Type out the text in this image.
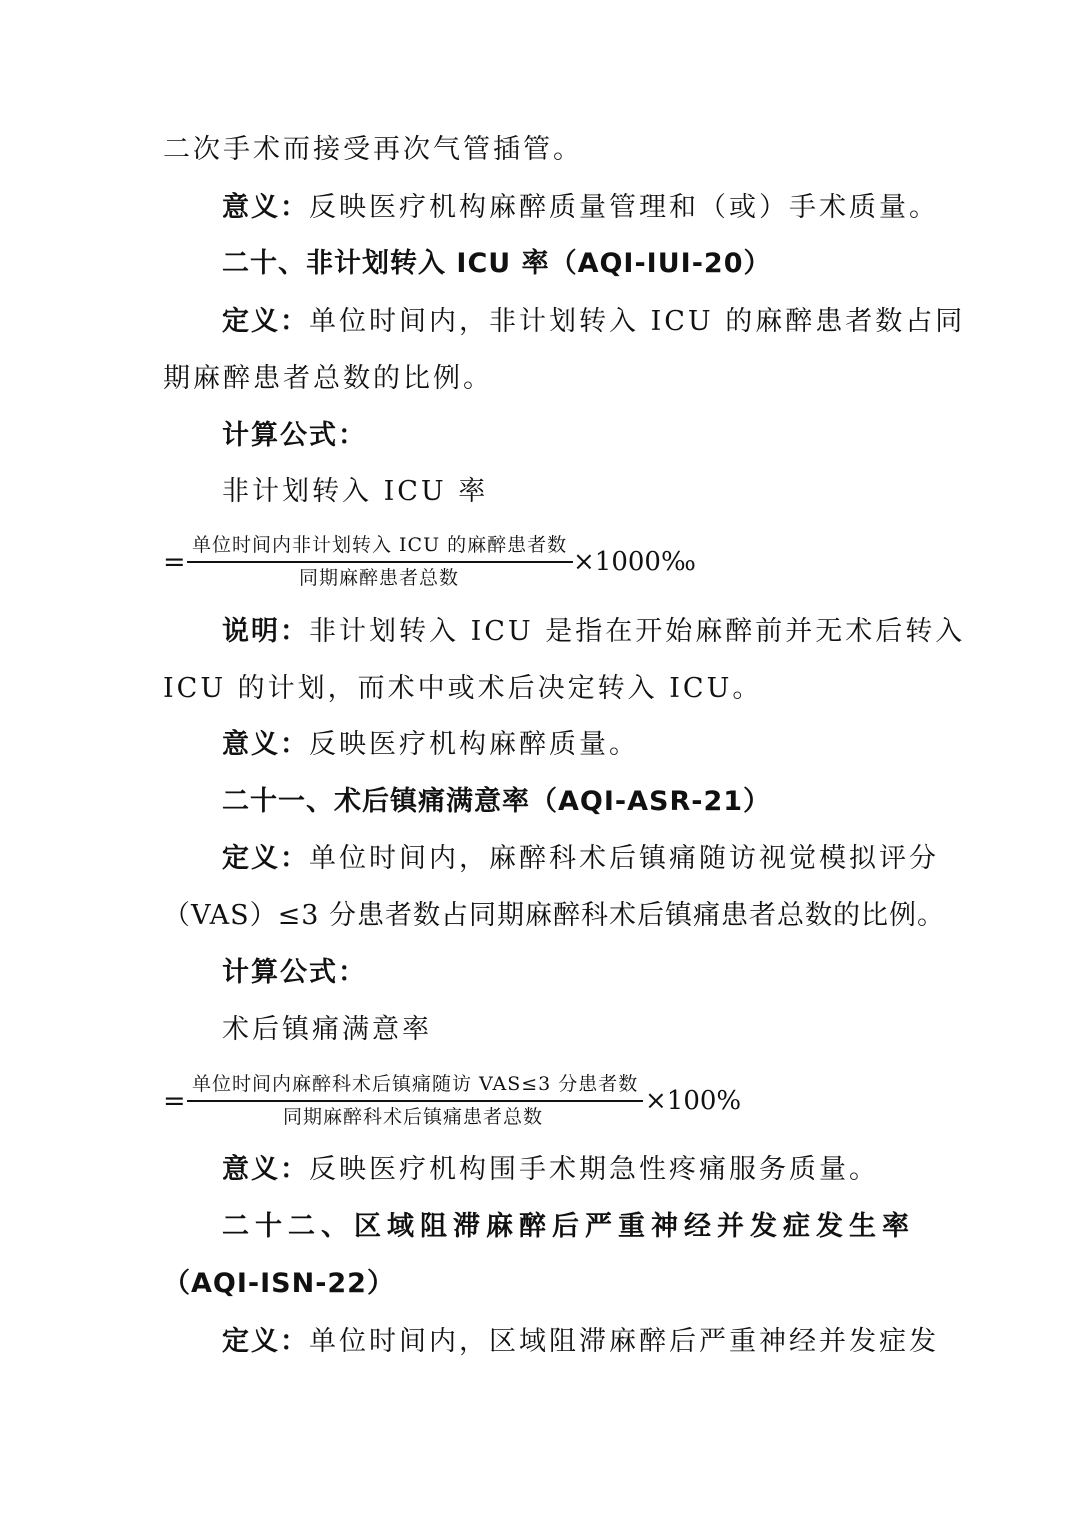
二次手术而接受再次气管插管。
意义：反映医疗机构麻醉质量管理和（或）手术质量。
二十、非计划转入 ICU 率（AQI-IUI-20）
定义：单位时间内，非计划转入 ICU 的麻醉患者数占同
期麻醉患者总数的比例。
计算公式：
非计划转入 ICU 率
=
单位时间内非计划转入 ICU 的麻醉患者数
同期麻醉患者总数
×1000‰
说明：非计划转入 ICU 是指在开始麻醉前并无术后转入
ICU 的计划，而术中或术后决定转入 ICU。
意义：反映医疗机构麻醉质量。
二十一、术后镇痛满意率（AQI-ASR-21）
定义：单位时间内，麻醉科术后镇痛随访视觉模拟评分
（VAS）≤3 分患者数占同期麻醉科术后镇痛患者总数的比例。
计算公式：
术后镇痛满意率
=
单位时间内麻醉科术后镇痛随访 VAS≤3 分患者数
同期麻醉科术后镇痛患者总数
×100%
意义：反映医疗机构围手术期急性疼痛服务质量。
二十二、区域阻滞麻醉后严重神经并发症发生率
（AQI-ISN-22）
定义：单位时间内，区域阻滞麻醉后严重神经并发症发
